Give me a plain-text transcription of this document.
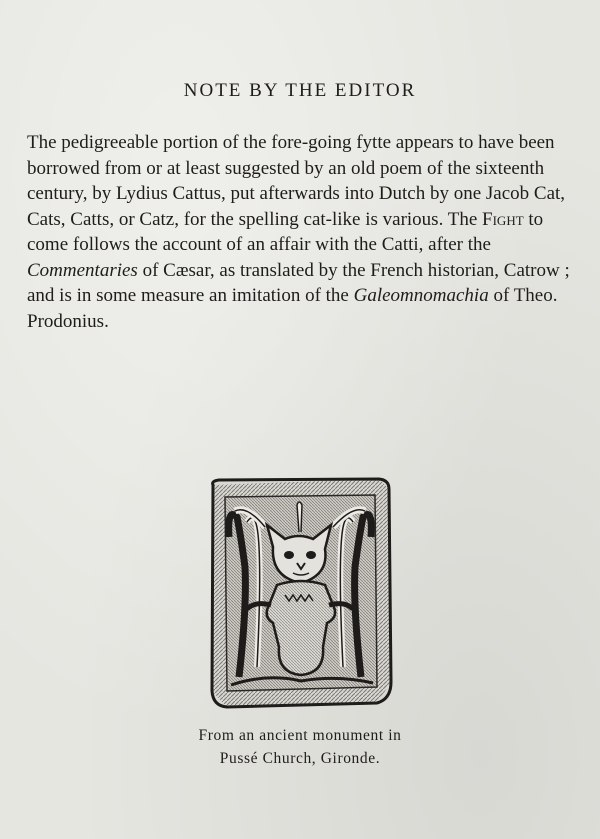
NOTE BY THE EDITOR

The pedigreeable portion of the fore-going fytte appears to have been borrowed from or at least suggested by an old poem of the sixteenth century, by Lydius Cattus, put afterwards into Dutch by one Jacob Cat, Cats, Catts, or Catz, for the spelling cat-like is various. The Fight to come follows the account of an affair with the Catti, after the Commentaries of Cæsar, as translated by the French historian, Catrow ; and is in some measure an imitation of the Galeomnomachia of Theo. Prodonius.

From an ancient monument in
Pussé Church, Gironde.
